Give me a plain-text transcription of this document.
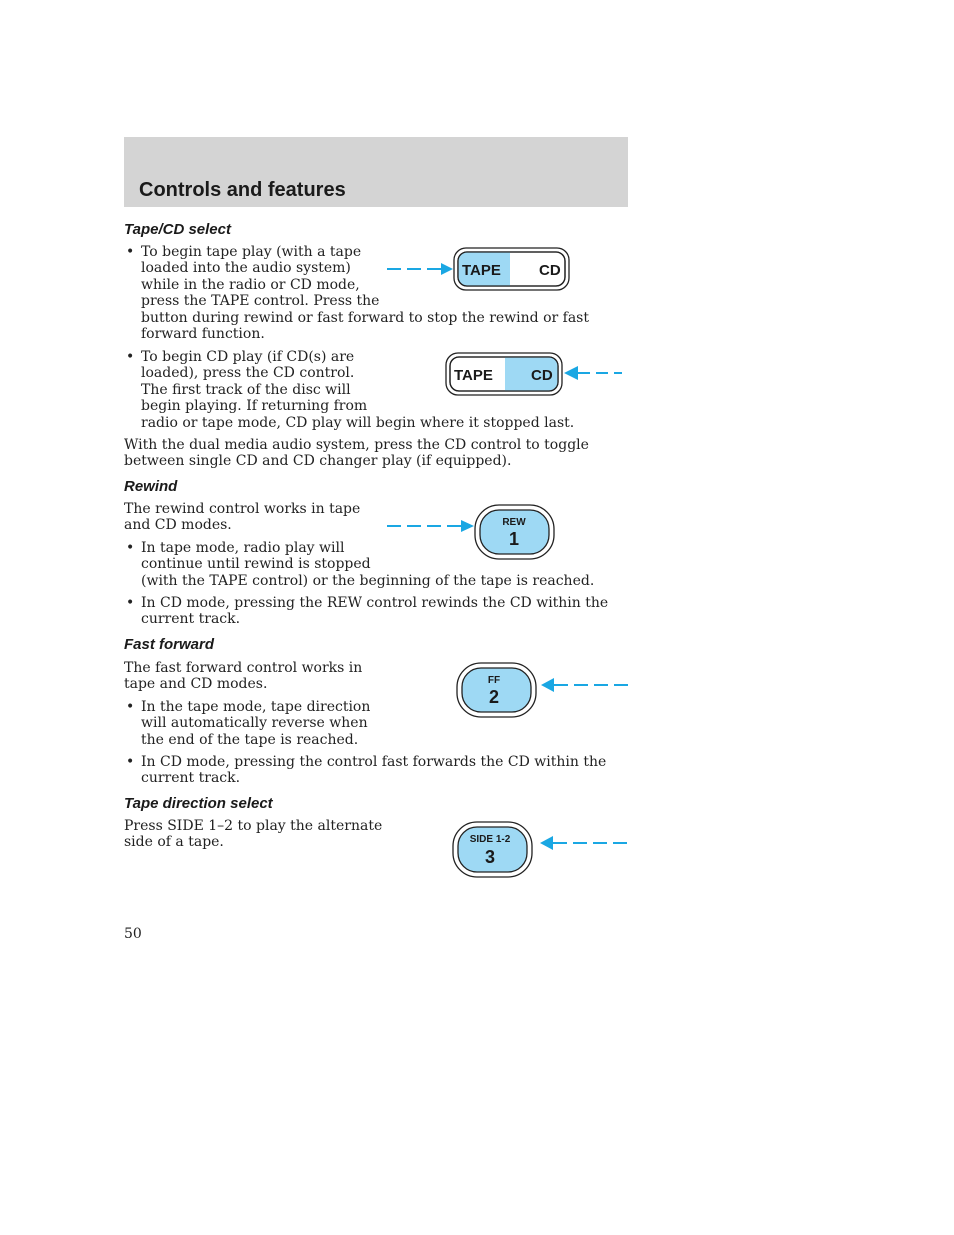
Controls and features
Tape/CD select
• To begin tape play (with a tape
loaded into the audio system)
while in the radio or CD mode,
press the TAPE control. Press the
button during rewind or fast forward to stop the rewind or fast
forward function.
• To begin CD play (if CD(s) are
loaded), press the CD control.
The first track of the disc will
begin playing. If returning from
radio or tape mode, CD play will begin where it stopped last.
With the dual media audio system, press the CD control to toggle
between single CD and CD changer play (if equipped).
TAPE	CD
TAPE	CD
Rewind
The rewind control works in tape
and CD modes.
• In tape mode, radio play will
continue until rewind is stopped
(with the TAPE control) or the beginning of the tape is reached.
• In CD mode, pressing the REW control rewinds the CD within the
current track.
REW
1
Fast forward
The fast forward control works in
tape and CD modes.
• In the tape mode, tape direction
will automatically reverse when
the end of the tape is reached.
• In CD mode, pressing the control fast forwards the CD within the
current track.
FF
2
Tape direction select
Press SIDE 1–2 to play the alternate
side of a tape.	SIDE 1-2
3

50
